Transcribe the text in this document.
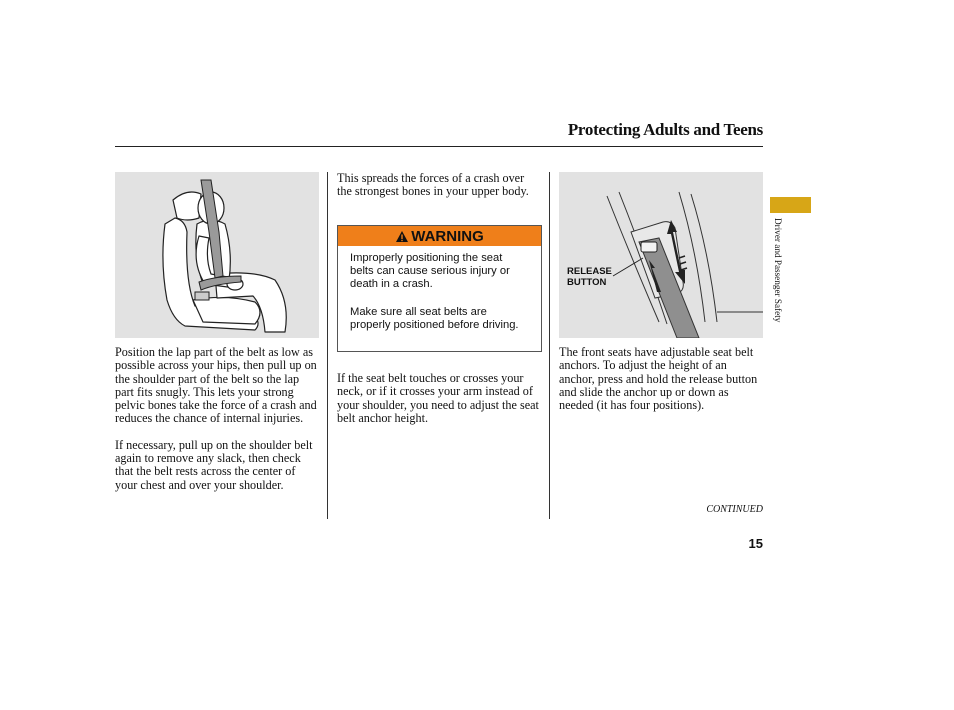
Protecting Adults and Teens

Position the lap part of the belt as low as possible across your hips, then pull up on the shoulder part of the belt so the lap part fits snugly. This lets your strong pelvic bones take the force of a crash and reduces the chance of internal injuries.

If necessary, pull up on the shoulder belt again to remove any slack, then check that the belt rests across the center of your chest and over your shoulder.

This spreads the forces of a crash over the strongest bones in your upper body.
WARNING

Improperly positioning the seat belts can cause serious injury or death in a crash.

Make sure all seat belts are properly positioned before driving.

If the seat belt touches or crosses your neck, or if it crosses your arm instead of your shoulder, you need to adjust the seat belt anchor height.
RELEASE
BUTTON
The front seats have adjustable seat belt anchors. To adjust the height of an anchor, press and hold the release button and slide the anchor up or down as needed (it has four positions).
Driver and Passenger Safety
CONTINUED
15
